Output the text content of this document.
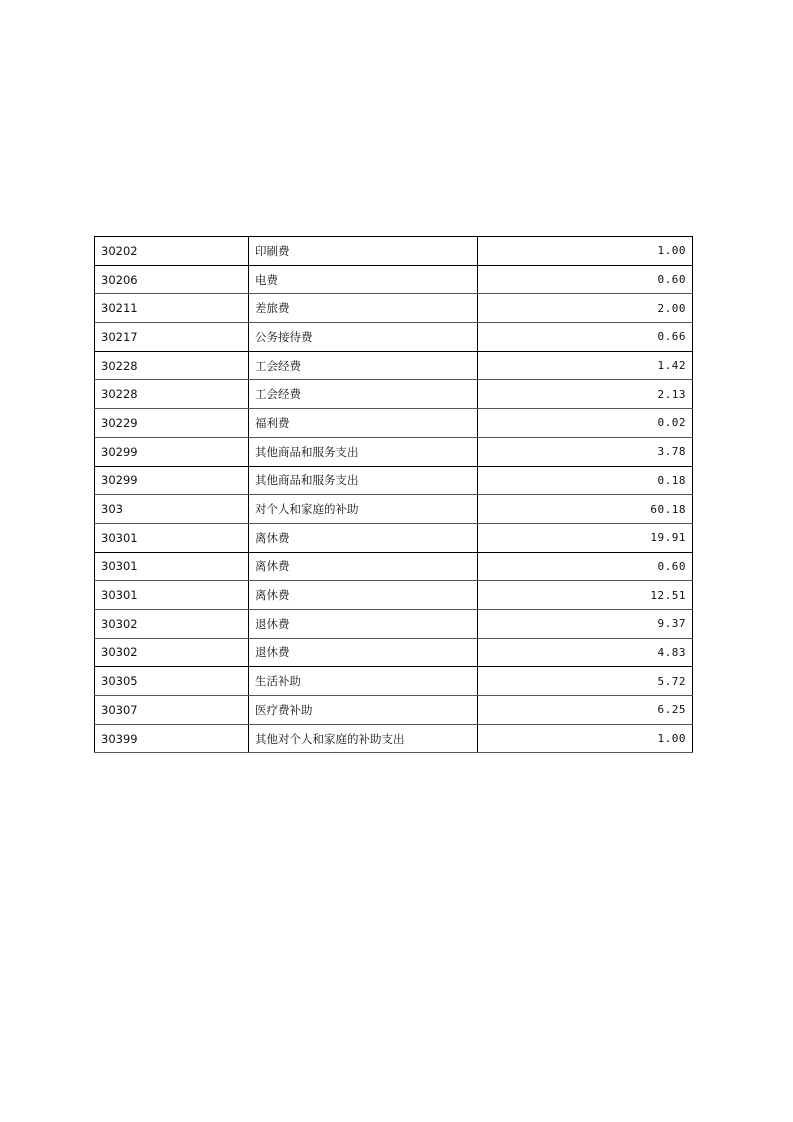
30202	印刷费	1.00
30206	电费	0.60
30211	差旅费	2.00
30217	公务接待费	0.66
30228	工会经费	1.42
30228	工会经费	2.13
30229	福利费	0.02
30299	其他商品和服务支出	3.78
30299	其他商品和服务支出	0.18
303	对个人和家庭的补助	60.18
30301	离休费	19.91
30301	离休费	0.60
30301	离休费	12.51
30302	退休费	9.37
30302	退休费	4.83
30305	生活补助	5.72
30307	医疗费补助	6.25
30399	其他对个人和家庭的补助支出	1.00
